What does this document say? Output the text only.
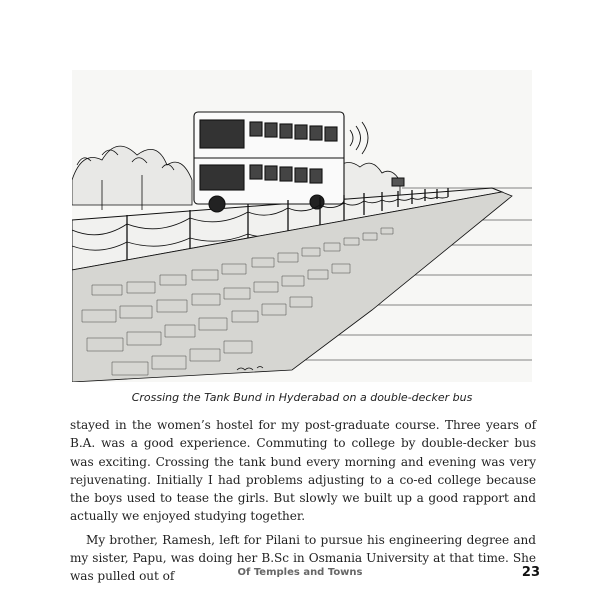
Crossing the Tank Bund in Hyderabad on a double-decker bus

stayed in the women’s hostel for my post-graduate course. Three years of B.A. was a good experience. Commuting to college by double-decker bus was exciting. Crossing the tank bund every morning and evening was very rejuvenating. Initially I had problems adjusting to a co-ed college because the boys used to tease the girls. But slowly we built up a good rapport and actually we enjoyed studying together.

My brother, Ramesh, left for Pilani to pursue his engineering degree and my sister, Papu, was doing her B.Sc in Osmania University at that time. She was pulled out of	Of Temples and Towns	23
